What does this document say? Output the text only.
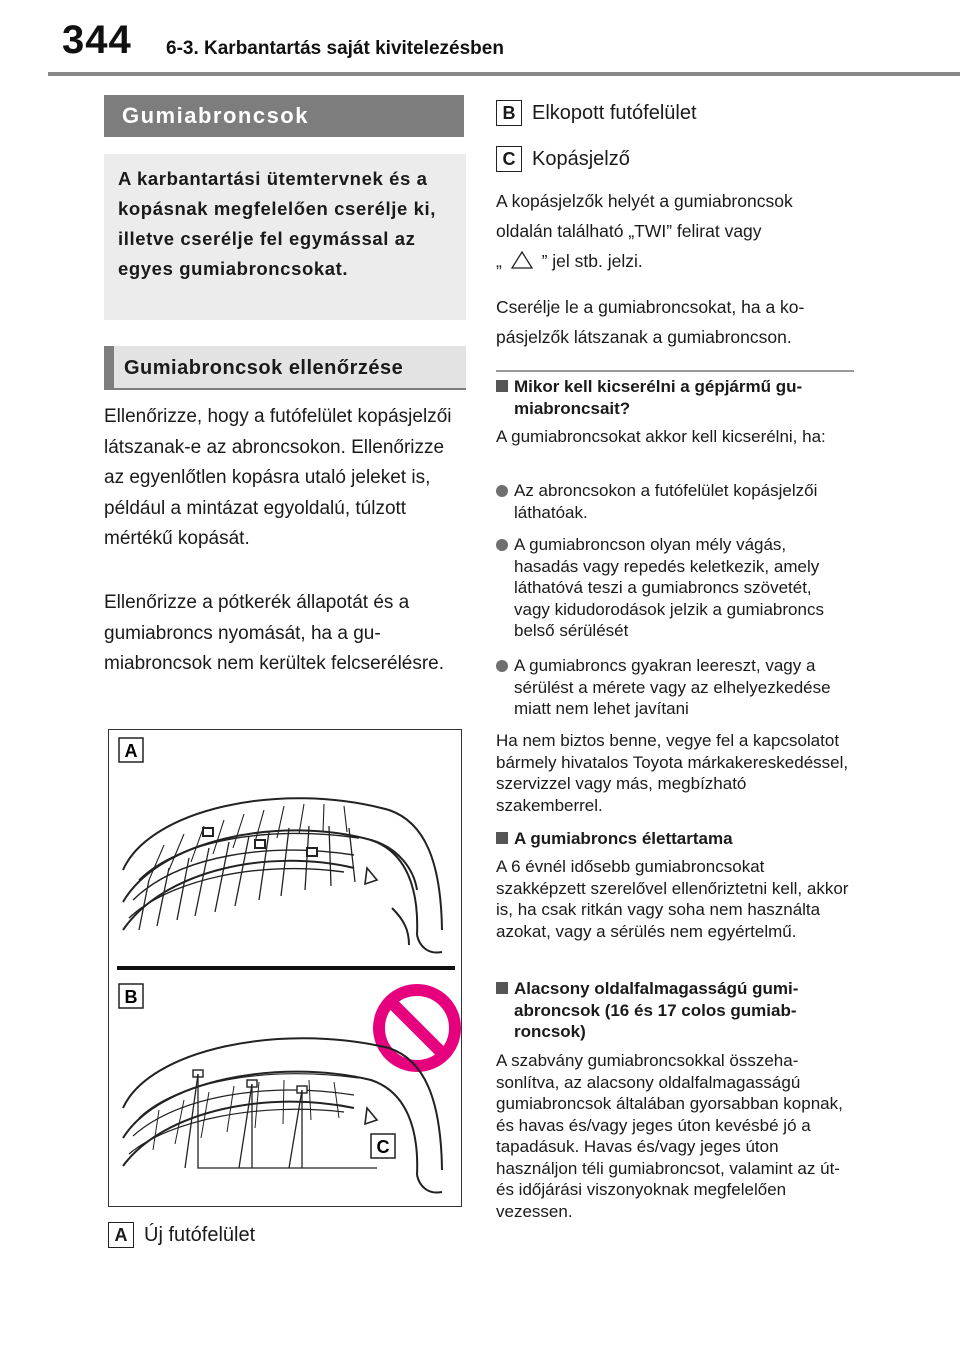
344 6-3. Karbantartás saját kivitelezésben
Gumiabroncsok

A karbantartási ütemtervnek és a kopásnak megfelelően cserélje ki, illetve cserélje fel egymással az egyes gumiabroncsokat.

Gumiabroncsok ellenőrzése

Ellenőrizze, hogy a futófelület kopásjelzői látszanak-e az abroncsokon. Ellenőrizze az egyenlőtlen kopásra utaló jeleket is, például a mintázat egyoldalú, túlzott mértékű kopását.

Ellenőrizze a pótkerék állapotát és a gumiabroncs nyomását, ha a gumiabroncsok nem kerültek felcserélésre.

A
B
C
A Új futófelület
B Elkopott futófelület
C Kopásjelző
A kopásjelzők helyét a gumiabroncsok
oldalán található „TWI” felirat vagy
„ ” jel stb. jelzi.

Cserélje le a gumiabroncsokat, ha a kopásjelzők látszanak a gumiabroncson.

Mikor kell kicserélni a gépjármű gumiabroncsait?

A gumiabroncsokat akkor kell kicserélni, ha:

Az abroncsokon a futófelület kopásjelzői láthatóak.
A gumiabroncson olyan mély vágás, hasadás vagy repedés keletkezik, amely láthatóvá teszi a gumiabroncs szövetét, vagy kidudorodások jelzik a gumiabroncs belső sérülését
A gumiabroncs gyakran leereszt, vagy a sérülést a mérete vagy az elhelyezkedése miatt nem lehet javítani

Ha nem biztos benne, vegye fel a kapcsolatot bármely hivatalos Toyota márkakereskedéssel, szervizzel vagy más, megbízható szakemberrel.

A gumiabroncs élettartama

A 6 évnél idősebb gumiabroncsokat szakképzett szerelővel ellenőriztetni kell, akkor is, ha csak ritkán vagy soha nem használta azokat, vagy a sérülés nem egyértelmű.

Alacsony oldalfalmagasságú gumiabroncsok (16 és 17 colos gumiabroncsok)

A szabvány gumiabroncsokkal összehasonlítva, az alacsony oldalfalmagasságú gumiabroncsok általában gyorsabban kopnak, és havas és/vagy jeges úton kevésbé jó a tapadásuk. Havas és/vagy jeges úton használjon téli gumiabroncsot, valamint az út- és időjárási viszonyoknak megfelelően vezessen.
